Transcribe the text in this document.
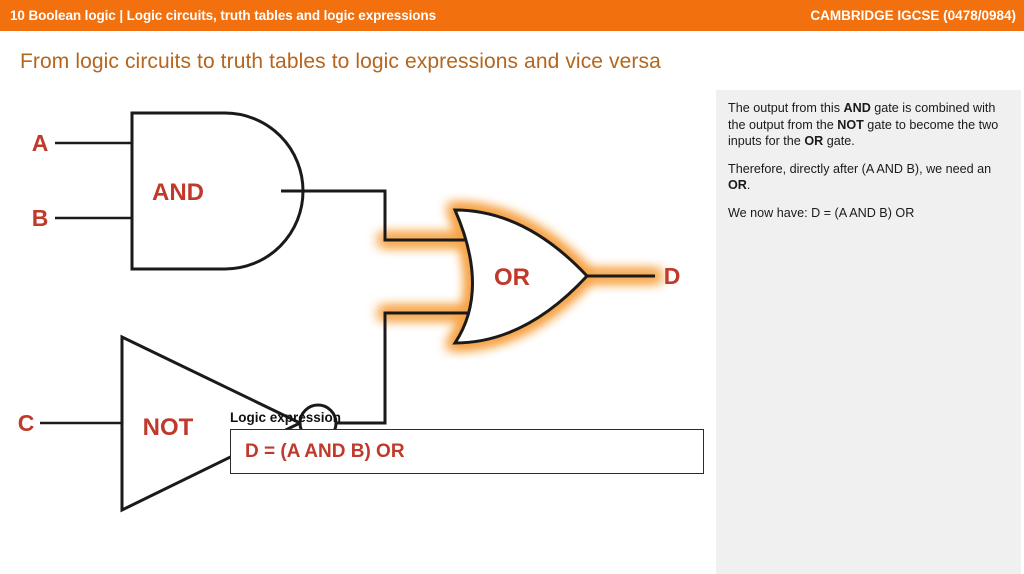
10 Boolean logic | Logic circuits, truth tables and logic expressions	CAMBRIDGE IGCSE (0478/0984)
From logic circuits to truth tables to logic expressions and vice versa
AND
A
B
NOT
C
OR	D
Logic expression
D = (A AND B) OR

The output from this AND gate is combined with the output from the NOT gate to become the two inputs for the OR gate.

Therefore, directly after (A AND B), we need an OR.

We now have: D = (A AND B) OR
